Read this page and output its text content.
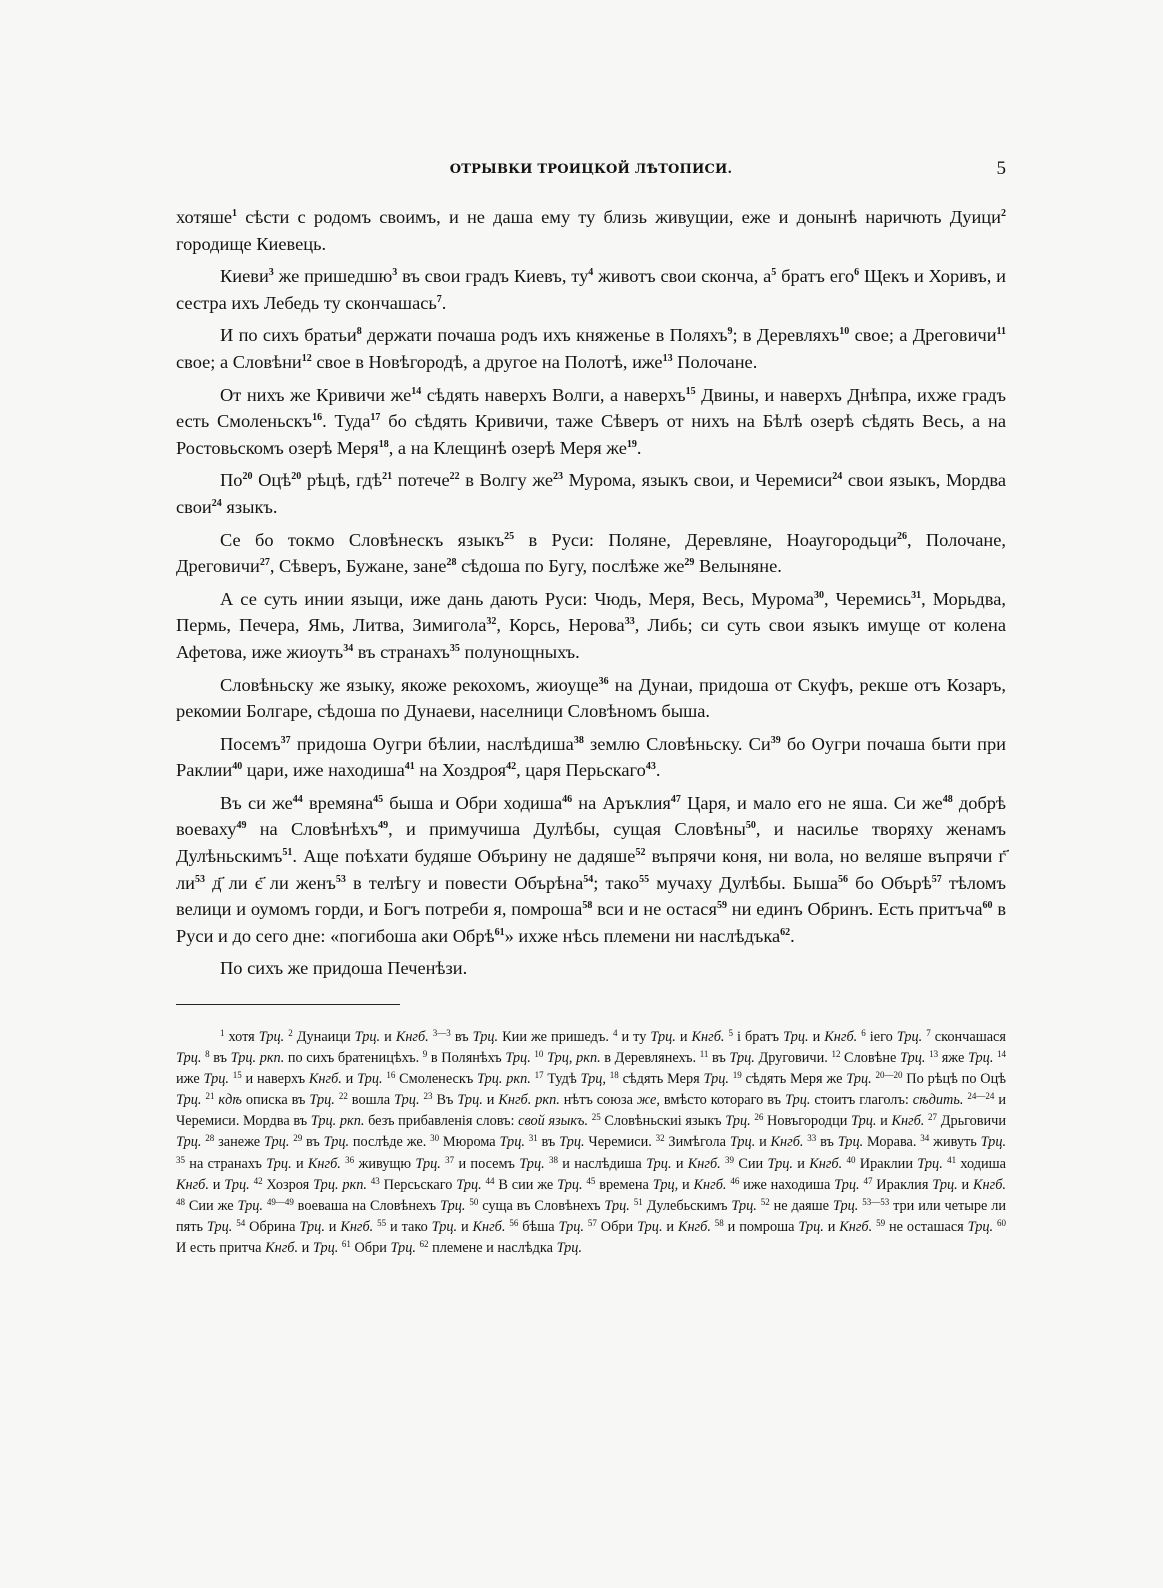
ОТРЫВКИ ТРОИЦКОЙ ЛѢТОПИСИ.	5

хотяше$^1$ сѣсти с родомъ своимъ, и не даша ему ту близь живущии, еже и донынѣ наричють Дуици$^2$ городище Киевець.

Киеви$^3$ же пришедшю$^3$ въ свои градъ Киевъ, $ту^4$ животъ свои скончa, $а^5$ братъ его$^6$ Щекъ и Хоривъ, и сестра ихъ Лебедь ту скончашась$^7$.

И по сихъ братьи$^8$ держати почаша родъ ихъ княженье в Поляхъ$^9$; в Деревляхъ$^{10}$ свое; а Дреговичи$^{11}$ свое; а Словѣни$^{12}$ свое в Новѣгородѣ, а другое на Полотѣ, иже$^{13}$ Полочане.

От нихъ же Кривичи $же^{14}$ сѣдять наверхъ Волги, а наверхъ$^{15}$ Двины, и наверхъ Днѣпра, ихже градъ есть Смоленьскъ$^{16}$. Туда$^{17}$ бо сѣдять Кривичи, таже Сѣверъ от нихъ на Бѣлѣ озерѣ сѣдять Весь, а на Ростовьскомъ озерѣ Меря$^{18}$, а на Клещинѣ озерѣ Меря $же^{19}$.

$По^{20}$ Оцѣ$^{20}$ рѣцѣ, гдѣ$^{21}$ потече$^{22}$ в Волгу $же^{23}$ Мурома, языкъ свои, и Черемиси$^{24}$ свои языкъ, Мордва свои$^{24}$ языкъ.

Се бо токмо Словѣнескъ языкъ$^{25}$ в Руси: Поляне, Деревляне, Ноаугородьци$^{26}$, Полочане, Дреговичи$^{27}$, Сѣверъ, Бужане, зане$^{28}$ сѣдоша по Бугу, послѣже $же^{29}$ Велыняне.

А се суть инии языци, иже дань дають Руси: Чюдь, Меря, Весь, Мурома$^{30}$, Черемись$^{31}$, Морьдва, Пермь, Печера, Ямь, Литва, Зимигола$^{32}$, Корсь, Нерова$^{33}$, Либь; си суть свои языкъ имуще от колена Афетова, иже жиоуть$^{34}$ въ странахъ$^{35}$ полунощныхъ.

Словѣньску же языку, якоже рекохомъ, жиоуще$^{36}$ на Дунаи, придоша от Скуфъ, рекше отъ Козаръ, рекомии Болгаре, сѣдоша по Дунаеви, населници Словѣномъ быша.

Посемъ$^{37}$ придоша Оугри бѣлии, наслѣдиша$^{38}$ землю Словѣньску. $Си^{39}$ бо Оугри почаша быти при Раклии$^{40}$ цари, иже находиша$^{41}$ на Хоздроя$^{42}$, царя Перьскаго$^{43}$.

Въ си $же^{44}$ времяна$^{45}$ быша и Обри ходиша$^{46}$ на Аръклия$^{47}$ Царя, и мало его не яша. Си $же^{48}$ добрѣ воеваху$^{49}$ на Словѣнѣхъ$^{49}$, и примучиша Дулѣбы, сущая Словѣны$^{50}$, и насилье творяху женамъ Дулѣньскимъ$^{51}$. Аще поѣхати будяше Обърину не дадяше$^{52}$ въпрячи коня, ни вола, но веляше въпрячи г҃ $ли^{53}$ д҃ ли є҃ ли женъ$^{53}$ в телѣгу и повести Обърѣна$^{54}$; тако$^{55}$ мучаху Дулѣбы. Быша$^{56}$ бо Обърѣ$^{57}$ тѣломъ велици и оумомъ горди, и Богъ потреби я, помроша$^{58}$ вси и не остася$^{59}$ ни единъ Обринъ. Есть притъча$^{60}$ в Руси и до сего дне: «погибоша аки Обрѣ$^{61}$» ихже нѣсь племени ни наслѣдъка$^{62}$.

По сихъ же придоша Печенѣзи.

$^1$ хотя Трц. $^2$ Дунаици Трц. и Кнгб. $^{3—3}$ въ Трц. Кии же пришедъ. $^4$ и ту Трц. и Кнгб. $^5$ і братъ Трц. и Кнгб. $^6$ іего Трц. $^7$ скончашася Трц. $^8$ въ Трц. ркп. по сихъ братеницѣхъ. $^9$ в Полянѣхъ Трц. $^{10}$ Трц, ркп. в Деревлянехъ. $^{11}$ въ Трц. Друговичи. $^{12}$ Словѣне Трц. $^{13}$ яже Трц. $^{14}$ иже Трц. $^{15}$ и наверхъ Кнгб. и Трц. $^{16}$ Смоленескъ Трц. ркп. $^{17}$ Тудѣ Трц, $^{18}$ сѣдять Меря Трц. $^{19}$ сѣдять Меря же Трц. $^{20—20}$ По рѣцѣ по Оцѣ Трц. $^{21}$ кдѣ описка въ Трц. $^{22}$ вошла Трц. $^{23}$ Въ Трц. и Кнгб. ркп. нѣтъ союза же, вмѣсто котораго въ Трц. стоитъ глаголъ: сѣдить. $^{24—24}$ и Черемиси. Мордва въ Трц. ркп. безъ прибавленія словъ: свой языкъ. $^{25}$ Словѣньскиі языкъ Трц. $^{26}$ Новъгородци Трц. и Кнгб. $^{27}$ Дрьговичи Трц. $^{28}$ занеже Трц. $^{29}$ въ Трц. послѣде же. $^{30}$ Мюрома Трц. $^{31}$ въ Трц. Черемиси. $^{32}$ Зимѣгола Трц. и Кнгб. $^{33}$ въ Трц. Морава. $^{34}$ живуть Трц. $^{35}$ на странахъ Трц. и Кнгб. $^{36}$ живущю Трц. $^{37}$ и посемъ Трц. $^{38}$ и наслѣдиша Трц. и Кнгб. $^{39}$ Сии Трц. и Кнгб. $^{40}$ Ираклии Трц. $^{41}$ ходиша Кнгб. и Трц. $^{42}$ Хозроя Трц. ркп. $^{43}$ Персьскаго Трц. $^{44}$ В сии же Трц. $^{45}$ времена Трц, и Кнгб. $^{46}$ иже находиша Трц. $^{47}$ Ираклия Трц. и Кнгб. $^{48}$ Сии же Трц. $^{49—49}$ воеваша на Словѣнехъ Трц. $^{50}$ суща въ Словѣнехъ Трц. $^{51}$ Дулебьскимъ Трц. $^{52}$ не даяше Трц. $^{53—53}$ три или четыре ли пять Трц. $^{54}$ Обрина Трц. и Кнгб. $^{55}$ и тако Трц. и Кнгб. $^{56}$ бѣша Трц. $^{57}$ Обри Трц. и Кнгб. $^{58}$ и помроша Трц. и Кнгб. $^{59}$ не осташася Трц. $^{60}$ И есть притча Кнгб. и Трц. $^{61}$ Обри Трц. $^{62}$ племене и наслѣдка Трц.
